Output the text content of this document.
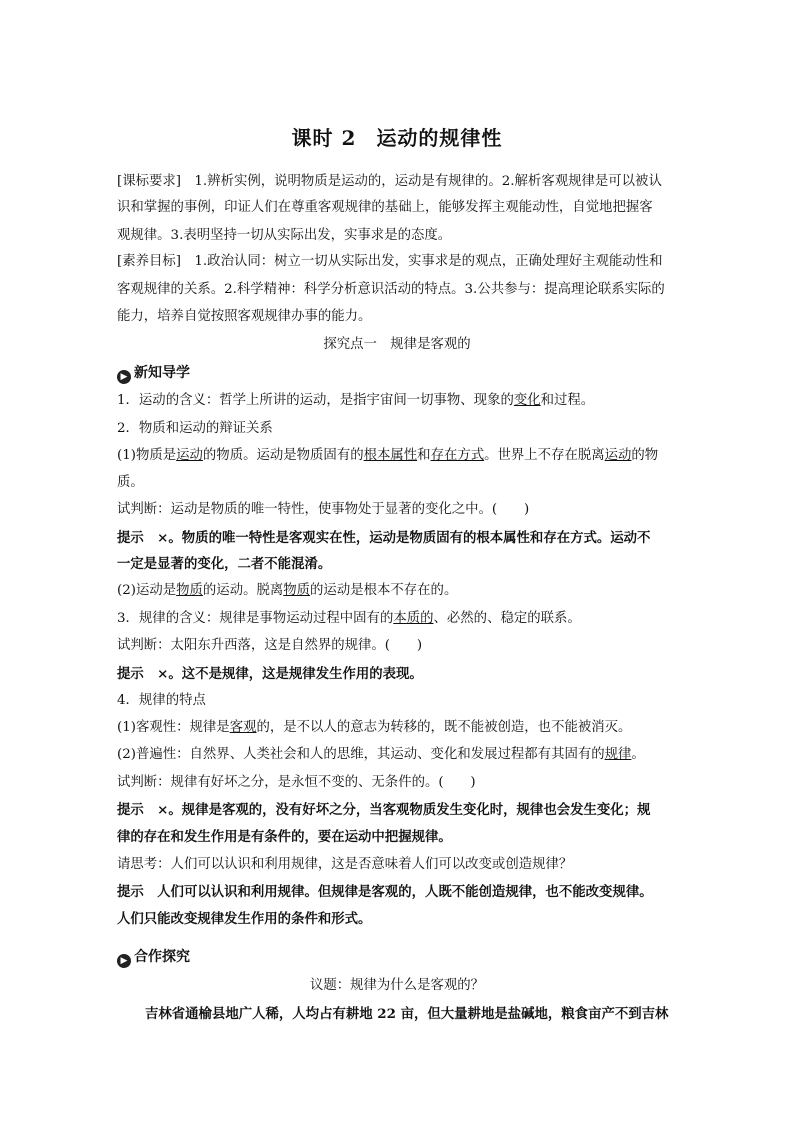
课时 2 运动的规律性
[课标要求]　1.辨析实例，说明物质是运动的，运动是有规律的。2.解析客观规律是可以被认
识和掌握的事例，印证人们在尊重客观规律的基础上，能够发挥主观能动性，自觉地把握客
观规律。3.表明坚持一切从实际出发，实事求是的态度。
[素养目标]　1.政治认同：树立一切从实际出发，实事求是的观点，正确处理好主观能动性和
客观规律的关系。2.科学精神：科学分析意识活动的特点。3.公共参与：提高理论联系实际的
能力，培养自觉按照客观规律办事的能力。
探究点一　规律是客观的
▶ 新知导学
1．运动的含义：哲学上所讲的运动，是指宇宙间一切事物、现象的变化和过程。
2．物质和运动的辩证关系
(1)物质是运动的物质。运动是物质固有的根本属性和存在方式。世界上不存在脱离运动的物
质。
试判断：运动是物质的唯一特性，使事物处于显著的变化之中。(　　)
提示　×。物质的唯一特性是客观实在性，运动是物质固有的根本属性和存在方式。运动不
一定是显著的变化，二者不能混淆。
(2)运动是物质的运动。脱离物质的运动是根本不存在的。
3．规律的含义：规律是事物运动过程中固有的本质的、必然的、稳定的联系。
试判断：太阳东升西落，这是自然界的规律。(　　)
提示　×。这不是规律，这是规律发生作用的表现。
4．规律的特点
(1)客观性：规律是客观的，是不以人的意志为转移的，既不能被创造，也不能被消灭。
(2)普遍性：自然界、人类社会和人的思维，其运动、变化和发展过程都有其固有的规律。
试判断：规律有好坏之分，是永恒不变的、无条件的。(　　)
提示　×。规律是客观的，没有好坏之分，当客观物质发生变化时，规律也会发生变化；规
律的存在和发生作用是有条件的，要在运动中把握规律。
请思考：人们可以认识和利用规律，这是否意味着人们可以改变或创造规律？
提示　人们可以认识和利用规律。但规律是客观的，人既不能创造规律，也不能改变规律。
人们只能改变规律发生作用的条件和形式。
▶ 合作探究
议题：规律为什么是客观的？
吉林省通榆县地广人稀，人均占有耕地 22 亩，但大量耕地是盐碱地，粮食亩产不到吉林
